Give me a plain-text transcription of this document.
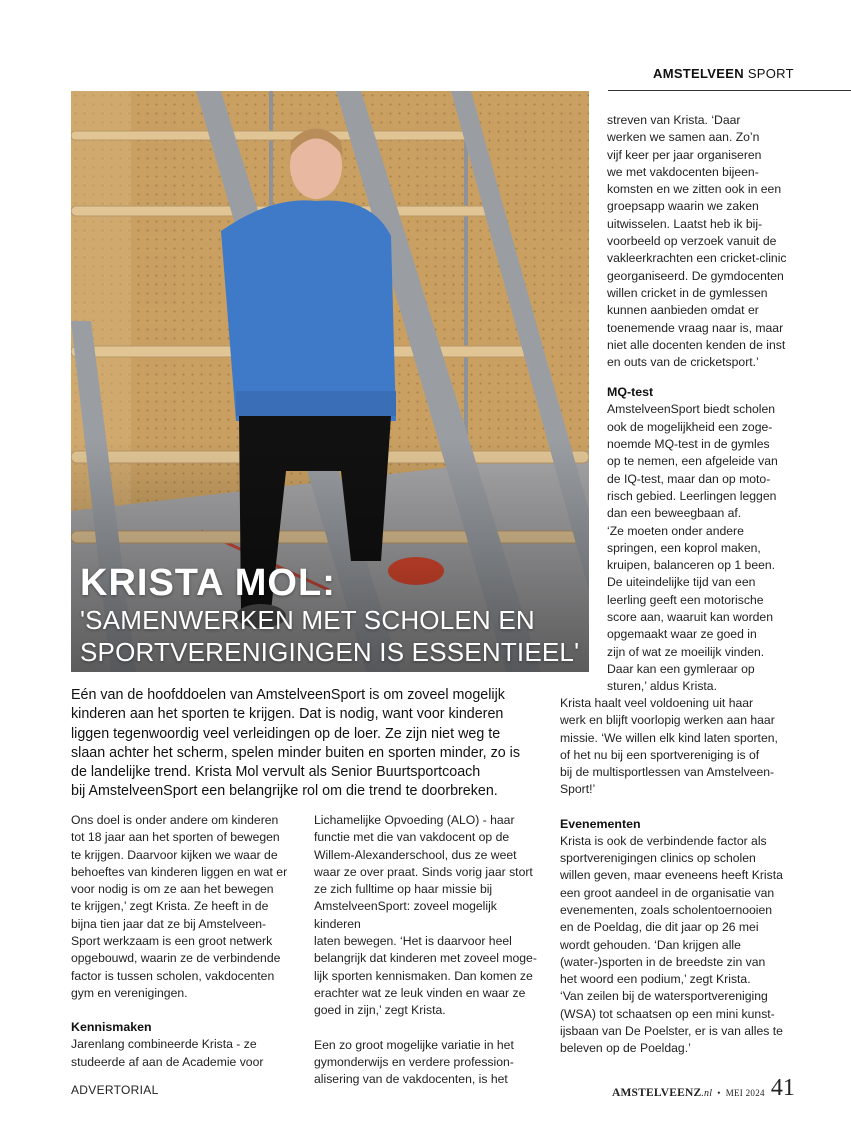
AMSTELVEEN SPORT
KRISTA MOL:
'SAMENWERKEN MET SCHOLEN EN
SPORTVERENIGINGEN IS ESSENTIEEL'

streven van Krista. ‘Daar
werken we samen aan. Zo’n
vijf keer per jaar organiseren
we met vakdocenten bijeen-
komsten en we zitten ook in een
groepsapp waarin we zaken
uitwisselen. Laatst heb ik bij-
voorbeeld op verzoek vanuit de
vakleerkrachten een cricket-clinic
georganiseerd. De gymdocenten
willen cricket in de gymlessen
kunnen aanbieden omdat er
toenemende vraag naar is, maar
niet alle docenten kenden de inst
en outs van de cricketsport.’

MQ-test

AmstelveenSport biedt scholen
ook de mogelijkheid een zoge-
noemde MQ-test in de gymles
op te nemen, een afgeleide van
de IQ-test, maar dan op moto-
risch gebied. Leerlingen leggen
dan een beweegbaan af.
‘Ze moeten onder andere
springen, een koprol maken,
kruipen, balanceren op 1 been.
De uiteindelijke tijd van een
leerling geeft een motorische
score aan, waaruit kan worden
opgemaakt waar ze goed in
zijn of wat ze moeilijk vinden.
Daar kan een gymleraar op
sturen,’ aldus Krista.

Eén van de hoofddoelen van AmstelveenSport is om zoveel mogelijk
kinderen aan het sporten te krijgen. Dat is nodig, want voor kinderen
liggen tegenwoordig veel verleidingen op de loer. Ze zijn niet weg te
slaan achter het scherm, spelen minder buiten en sporten minder, zo is
de landelijke trend. Krista Mol vervult als Senior Buurtsportcoach
bij AmstelveenSport een belangrijke rol om die trend te doorbreken.

Ons doel is onder andere om kinderen
tot 18 jaar aan het sporten of bewegen
te krijgen. Daarvoor kijken we waar de
behoeftes van kinderen liggen en wat er
voor nodig is om ze aan het bewegen
te krijgen,’ zegt Krista. Ze heeft in de
bijna tien jaar dat ze bij Amstelveen-
Sport werkzaam is een groot netwerk
opgebouwd, waarin ze de verbindende
factor is tussen scholen, vakdocenten
gym en verenigingen.

Kennismaken

Jarenlang combineerde Krista - ze
studeerde af aan de Academie voor

Lichamelijke Opvoeding (ALO) - haar
functie met die van vakdocent op de
Willem-Alexanderschool, dus ze weet
waar ze over praat. Sinds vorig jaar stort
ze zich fulltime op haar missie bij
AmstelveenSport: zoveel mogelijk kinderen
laten bewegen. ‘Het is daarvoor heel
belangrijk dat kinderen met zoveel moge-
lijk sporten kennismaken. Dan komen ze
erachter wat ze leuk vinden en waar ze
goed in zijn,’ zegt Krista.

Een zo groot mogelijke variatie in het
gymonderwijs en verdere profession-
alisering van de vakdocenten, is het

Krista haalt veel voldoening uit haar
werk en blijft voorlopig werken aan haar
missie. ‘We willen elk kind laten sporten,
of het nu bij een sportvereniging is of
bij de multisportlessen van Amstelveen-
Sport!’

Evenementen

Krista is ook de verbindende factor als
sportverenigingen clinics op scholen
willen geven, maar eveneens heeft Krista
een groot aandeel in de organisatie van
evenementen, zoals scholentoernooien
en de Poeldag, die dit jaar op 26 mei
wordt gehouden. ‘Dan krijgen alle
(water-)sporten in de breedste zin van
het woord een podium,’ zegt Krista.
‘Van zeilen bij de watersportvereniging
(WSA) tot schaatsen op een mini kunst-
ijsbaan van De Poelster, er is van alles te
beleven op de Poeldag.’

ADVERTORIAL	AMSTELVEENZ.nl • MEI 2024 41
